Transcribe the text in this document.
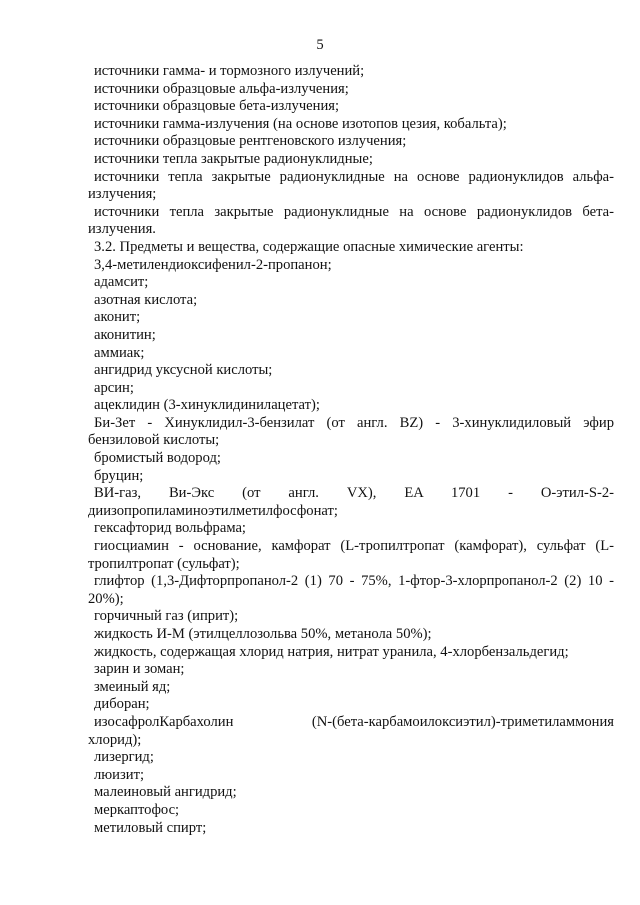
5
источники гамма- и тормозного излучений;
источники образцовые альфа-излучения;
источники образцовые бета-излучения;
источники гамма-излучения (на основе изотопов цезия, кобальта);
источники образцовые рентгеновского излучения;
источники тепла закрытые радионуклидные;
источники тепла закрытые радионуклидные на основе радионуклидов альфа-
излучения;
источники тепла закрытые радионуклидные на основе радионуклидов бета-
излучения.
3.2. Предметы и вещества, содержащие опасные химические агенты:
3,4-метилендиоксифенил-2-пропанон;
адамсит;
азотная кислота;
аконит;
аконитин;
аммиак;
ангидрид уксусной кислоты;
арсин;
ацеклидин (3-хинуклидинилацетат);
Би-Зет - Хинуклидил-3-бензилат (от англ. BZ) - 3-хинуклидиловый эфир
бензиловой кислоты;
бромистый водород;
бруцин;
ВИ-газ, Ви-Экс (от англ. VX), EA 1701 - О-этил-S-2-
диизопропиламиноэтилметилфосфонат;
гексафторид вольфрама;
гиосциамин - основание, камфорат (L-тропилтропат (камфорат), сульфат (L-
тропилтропат (сульфат);
глифтор (1,3-Дифторпропанол-2 (1) 70 - 75%, 1-фтор-3-хлорпропанол-2 (2) 10 -
20%);
горчичный газ (иприт);
жидкость И-М (этилцеллозольва 50%, метанола 50%);
жидкость, содержащая хлорид натрия, нитрат уранила, 4-хлорбензальдегид;
зарин и зоман;
змеиный яд;
диборан;
изосафролКарбахолин (N-(бета-карбамоилоксиэтил)-триметиламмония
хлорид);
лизергид;
люизит;
малеиновый ангидрид;
меркаптофос;
метиловый спирт;
